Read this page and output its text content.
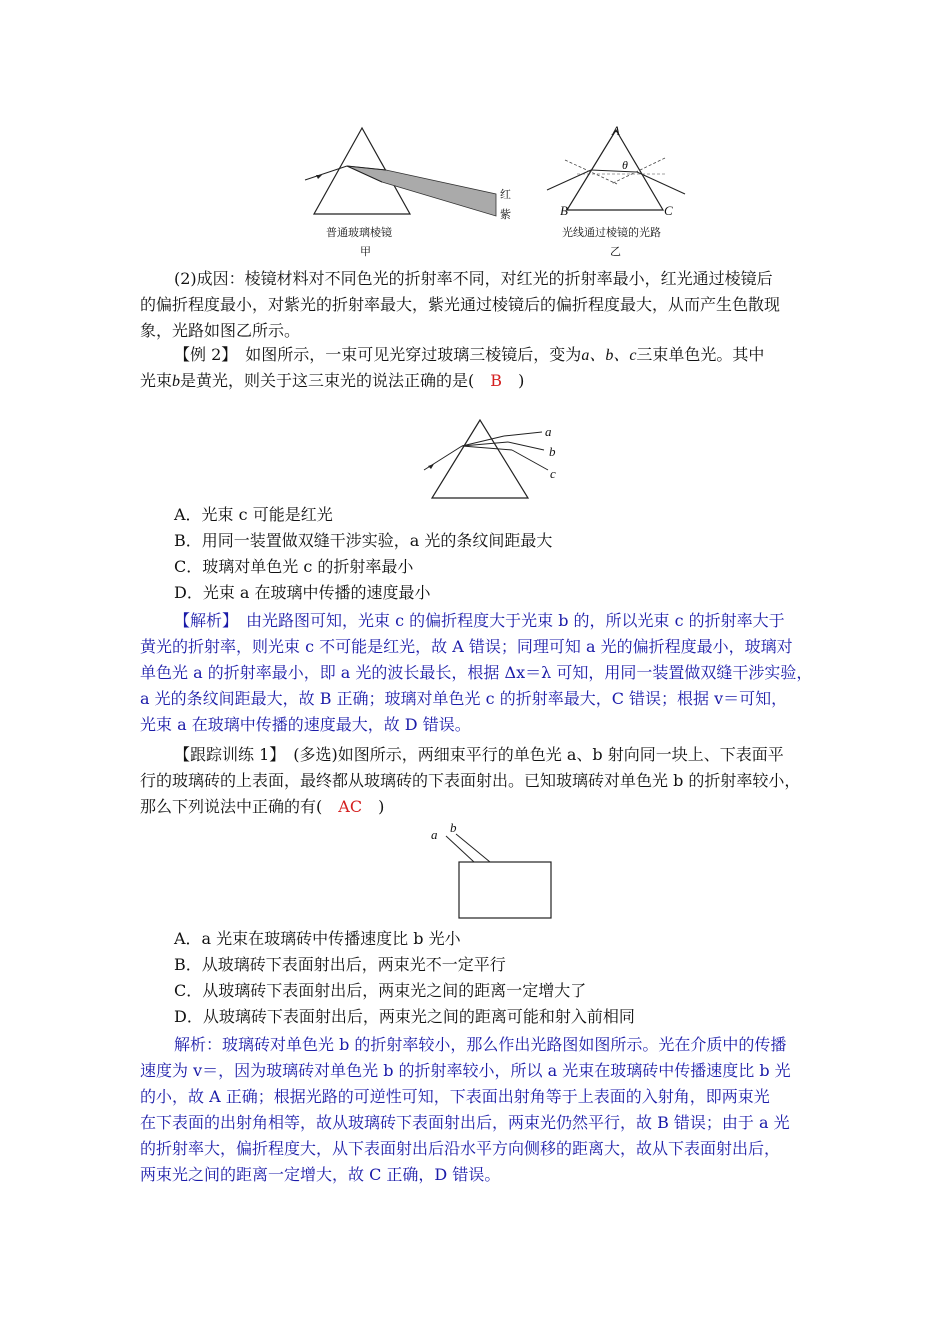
红
紫
普通玻璃棱镜
甲
A
θ
B	C
光线通过棱镜的光路
乙
(2)成因：棱镜材料对不同色光的折射率不同，对红光的折射率最小，红光通过棱镜后
的偏折程度最小，对紫光的折射率最大，紫光通过棱镜后的偏折程度最大，从而产生色散现
象，光路如图乙所示。
【例 2】　 如图所示，一束可见光穿过玻璃三棱镜后，变为a、b、c三束单色光。其中
光束b是黄光，则关于这三束光的说法正确的是(　 B　 )
a
b
c
A．光束 c 可能是红光
B．用同一装置做双缝干涉实验，a 光的条纹间距最大
C．玻璃对单色光 c 的折射率最小
D．光束 a 在玻璃中传播的速度最小
【解析】　由光路图可知，光束 c 的偏折程度大于光束 b 的，所以光束 c 的折射率大于
黄光的折射率，则光束 c 不可能是红光，故 A 错误；同理可知 a 光的偏折程度最小，玻璃对
单色光 a 的折射率最小，即 a 光的波长最长，根据 Δx＝λ 可知，用同一装置做双缝干涉实验，
a 光的条纹间距最大，故 B 正确；玻璃对单色光 c 的折射率最大，C 错误；根据 v＝可知，
光束 a 在玻璃中传播的速度最大，故 D 错误。
【跟踪训练 1】　(多选)如图所示，两细束平行的单色光 a、b 射向同一块上、下表面平
行的玻璃砖的上表面，最终都从玻璃砖的下表面射出。已知玻璃砖对单色光 b 的折射率较小，
那么下列说法中正确的有(　 AC　 )
a b
A．a 光束在玻璃砖中传播速度比 b 光小
B．从玻璃砖下表面射出后，两束光不一定平行
C．从玻璃砖下表面射出后，两束光之间的距离一定增大了
D．从玻璃砖下表面射出后，两束光之间的距离可能和射入前相同
解析：玻璃砖对单色光 b 的折射率较小，那么作出光路图如图所示。光在介质中的传播
速度为 v＝，因为玻璃砖对单色光 b 的折射率较小，所以 a 光束在玻璃砖中传播速度比 b 光
的小，故 A 正确；根据光路的可逆性可知，下表面出射角等于上表面的入射角，即两束光
在下表面的出射角相等，故从玻璃砖下表面射出后，两束光仍然平行，故 B 错误；由于 a 光
的折射率大，偏折程度大，从下表面射出后沿水平方向侧移的距离大，故从下表面射出后，
两束光之间的距离一定增大，故 C 正确，D 错误。
